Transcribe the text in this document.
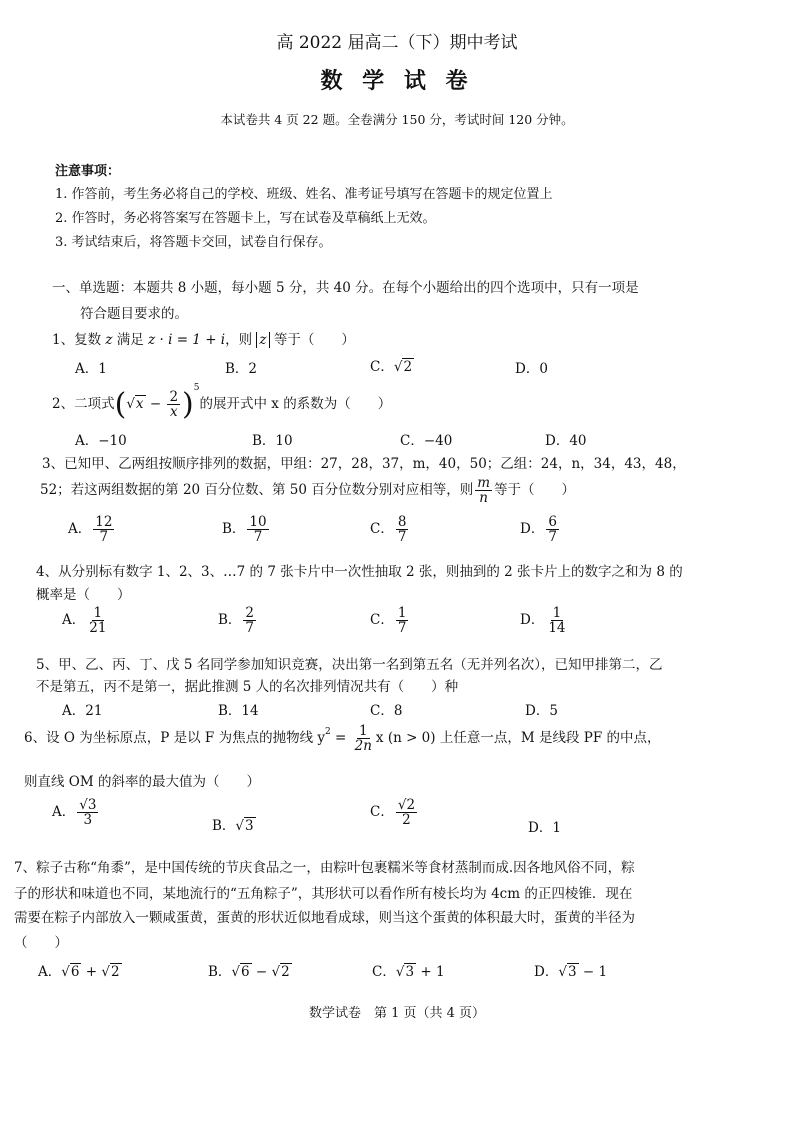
高 2022 届高二（下）期中考试
数 学 试 卷
本试卷共 4 页 22 题。全卷满分 150 分，考试时间 120 分钟。
注意事项：
1. 作答前，考生务必将自己的学校、班级、姓名、准考证号填写在答题卡的规定位置上
2. 作答时，务必将答案写在答题卡上，写在试卷及草稿纸上无效。
3. 考试结束后，将答题卡交回，试卷自行保存。
一、单选题：本题共 8 小题，每小题 5 分，共 40 分。在每个小题给出的四个选项中，只有一项是
符合题目要求的。
1、复数 z 满足 z · i = 1 + i，则 z 等于（　　）
A．1	B．2	C．√2	D．0
2、二项式$(√x - \frac{2}{x} )^5$的展开式中 x 的系数为（　　）
A．−10	B．10	C．−40	D．40
3、已知甲、乙两组按顺序排列的数据，甲组：27，28，37，m，40，50；乙组：24，n，34，43，48，
52；若这两组数据的第 20 百分位数、第 50 百分位数分别对应相等，则 $\frac{m}{n}$ 等于（　　）
A． $\frac{12}{7}$	B． $\frac{10}{7}$	C． $\frac{8}{7}$	D． $\frac{6}{7}$
4、从分别标有数字 1、2、3、…7 的 7 张卡片中一次性抽取 2 张，则抽到的 2 张卡片上的数字之和为 8 的
概率是（　　）
A． $\frac{1}{21}$	B． $\frac{2}{7}$	C． $\frac{1}{7}$	D． $\frac{1}{14}$
5、甲、乙、丙、丁、戊 5 名同学参加知识竞赛，决出第一名到第五名（无并列名次），已知甲排第二，乙
不是第五，丙不是第一，据此推测 5 人的名次排列情况共有（　　）种
A．21	B．14	C．8	D．5
6、设 O 为坐标原点，P 是以 F 为焦点的抛物线 $y^2 = \frac{1}{2n}$ x (n > 0) 上任意一点，M 是线段 PF 的中点，
则直线 OM 的斜率的最大值为（　　）
A． $\frac{√3}{3}$	B．√3
C． $\frac{√2}{2}$
D．1
7、粽子古称“角黍”，是中国传统的节庆食品之一，由粽叶包裹糯米等食材蒸制而成.因各地风俗不同，粽
子的形状和味道也不同，某地流行的“五角粽子”，其形状可以看作所有棱长均为 4cm 的正四棱锥．现在
需要在粽子内部放入一颗咸蛋黄，蛋黄的形状近似地看成球，则当这个蛋黄的体积最大时，蛋黄的半径为
（　　）
A．√6 + √2	B．√6 − √2	C．√3 + 1	D．√3 − 1
数学试卷　第 1 页（共 4 页）
